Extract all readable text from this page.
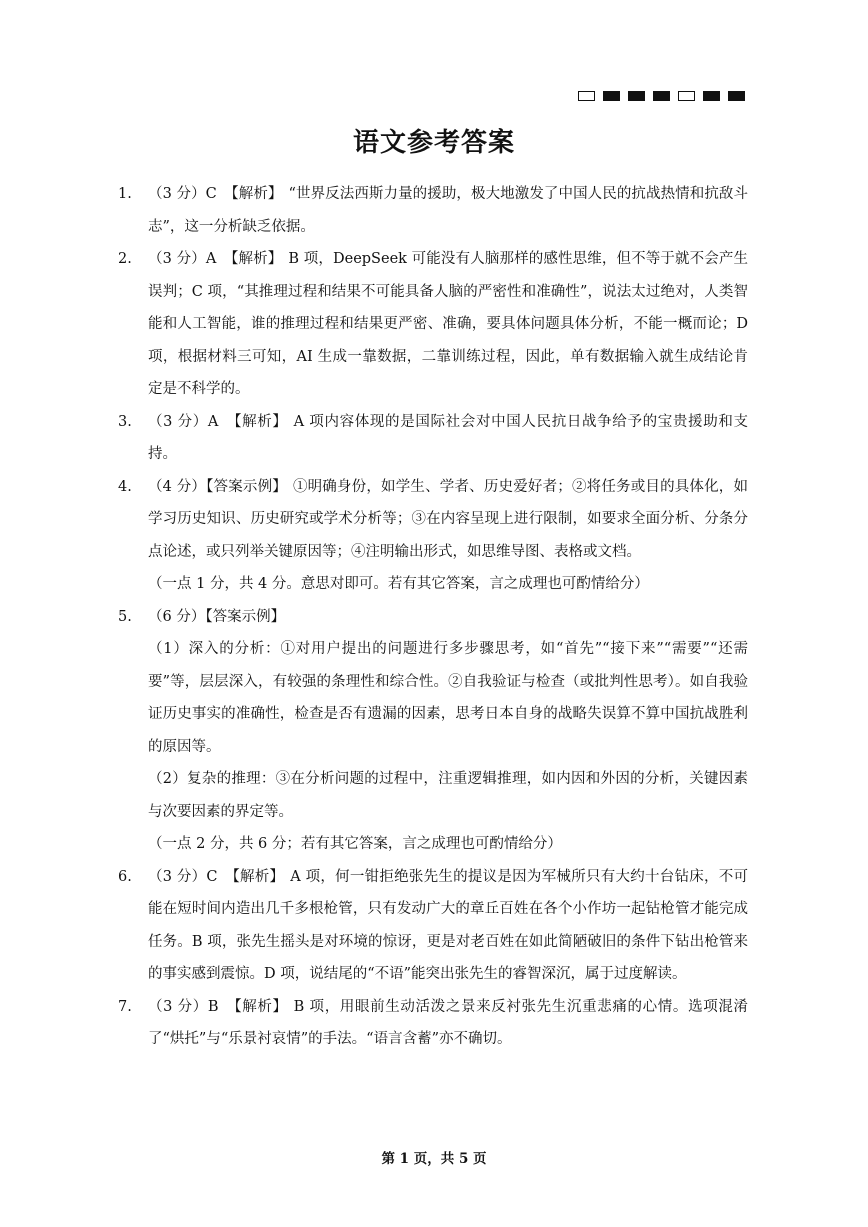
语文参考答案
1.	（3 分）C　【解析】 “世界反法西斯力量的援助，极大地激发了中国人民的抗战热情和抗敌斗志”，这一分析缺乏依据。
2.	（3 分）A　【解析】 B 项，DeepSeek 可能没有人脑那样的感性思维，但不等于就不会产生误判；C 项，“其推理过程和结果不可能具备人脑的严密性和准确性”，说法太过绝对，人类智能和人工智能，谁的推理过程和结果更严密、准确，要具体问题具体分析，不能一概而论；D 项，根据材料三可知，AI 生成一靠数据，二靠训练过程，因此，单有数据输入就生成结论肯定是不科学的。
3.	（3 分）A　【解析】 A 项内容体现的是国际社会对中国人民抗日战争给予的宝贵援助和支持。
4.	（4 分）【答案示例】 ①明确身份，如学生、学者、历史爱好者；②将任务或目的具体化，如学习历史知识、历史研究或学术分析等；③在内容呈现上进行限制，如要求全面分析、分条分点论述，或只列举关键原因等；④注明输出形式，如思维导图、表格或文档。
（一点 1 分，共 4 分。意思对即可。若有其它答案，言之成理也可酌情给分）
5.	（6 分）【答案示例】
（1）深入的分析：①对用户提出的问题进行多步骤思考，如“首先”“接下来”“需要”“还需要”等，层层深入，有较强的条理性和综合性。②自我验证与检查（或批判性思考）。如自我验证历史事实的准确性，检查是否有遗漏的因素，思考日本自身的战略失误算不算中国抗战胜利的原因等。
（2）复杂的推理：③在分析问题的过程中，注重逻辑推理，如内因和外因的分析，关键因素与次要因素的界定等。
（一点 2 分，共 6 分；若有其它答案，言之成理也可酌情给分）
6.	（3 分）C　【解析】 A 项，何一钳拒绝张先生的提议是因为军械所只有大约十台钻床，不可能在短时间内造出几千多根枪管，只有发动广大的章丘百姓在各个小作坊一起钻枪管才能完成任务。B 项，张先生摇头是对环境的惊讶，更是对老百姓在如此简陋破旧的条件下钻出枪管来的事实感到震惊。D 项，说结尾的“不语”能突出张先生的睿智深沉，属于过度解读。
7.	（3 分）B　【解析】 B 项，用眼前生动活泼之景来反衬张先生沉重悲痛的心情。选项混淆了“烘托”与“乐景衬哀情”的手法。“语言含蓄”亦不确切。
第 1 页，共 5 页
